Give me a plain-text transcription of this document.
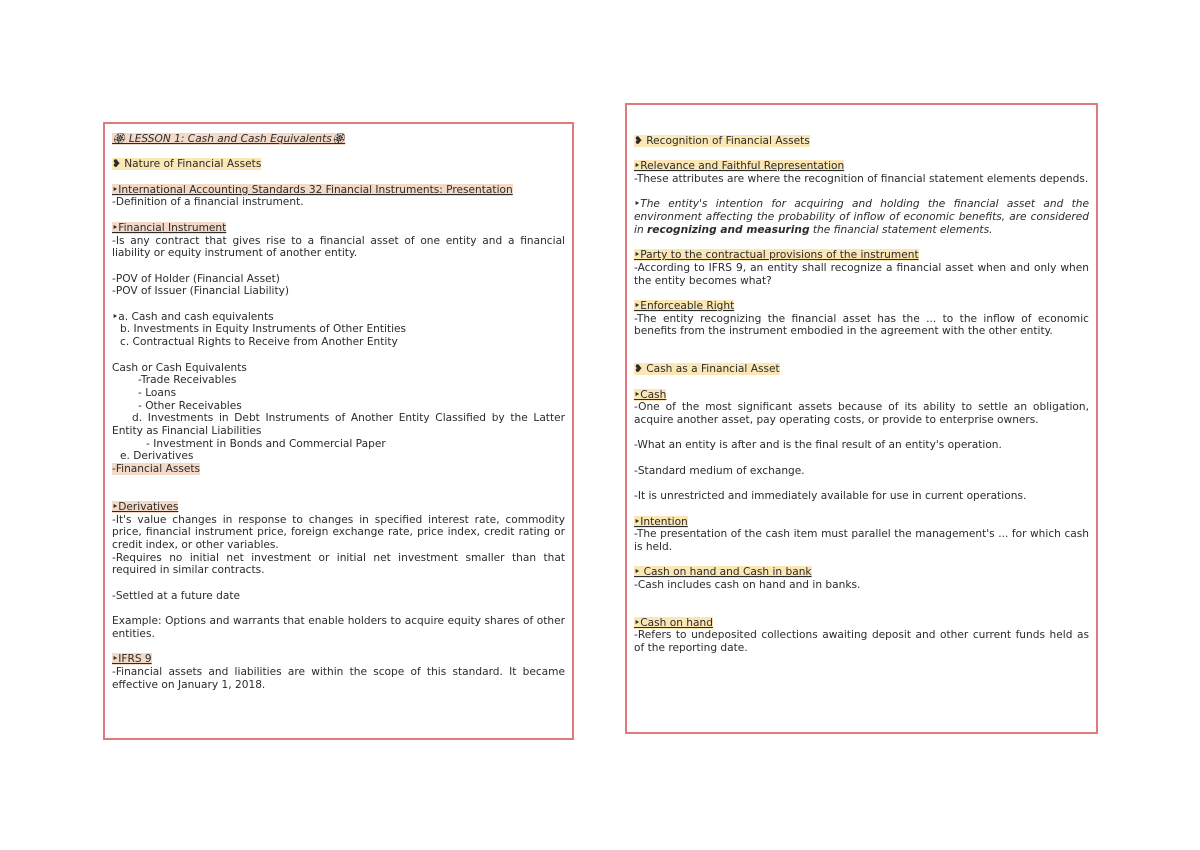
🏵 LESSON 1: Cash and Cash Equivalents🏵

❥ Nature of Financial Assets

‣International Accounting Standards 32 Financial Instruments: Presentation

-Definition of a financial instrument.

‣Financial Instrument

-Is any contract that gives rise to a financial asset of one entity and a financial liability or equity instrument of another entity.

-POV of Holder (Financial Asset)

-POV of Issuer (Financial Liability)

‣a. Cash and cash equivalents

b. Investments in Equity Instruments of Other Entities

c. Contractual Rights to Receive from Another Entity

Cash or Cash Equivalents

-Trade Receivables

- Loans

- Other Receivables

d. Investments in Debt Instruments of Another Entity Classified by the Latter Entity as Financial Liabilities

- Investment in Bonds and Commercial Paper

e. Derivatives

-Financial Assets

‣Derivatives

-It's value changes in response to changes in specified interest rate, commodity price, financial instrument price, foreign exchange rate, price index, credit rating or credit index, or other variables.

-Requires no initial net investment or initial net investment smaller than that required in similar contracts.

-Settled at a future date

Example: Options and warrants that enable holders to acquire equity shares of other entities.

‣IFRS 9

-Financial assets and liabilities are within the scope of this standard. It became effective on January 1, 2018.

❥ Recognition of Financial Assets

‣Relevance and Faithful Representation

-These attributes are where the recognition of financial statement elements depends.

‣The entity's intention for acquiring and holding the financial asset and the environment affecting the probability of inflow of economic benefits, are considered in recognizing and measuring the financial statement elements.

‣Party to the contractual provisions of the instrument

-According to IFRS 9, an entity shall recognize a financial asset when and only when the entity becomes what?

‣Enforceable Right

-The entity recognizing the financial asset has the ... to the inflow of economic benefits from the instrument embodied in the agreement with the other entity.

❥ Cash as a Financial Asset

‣Cash

-One of the most significant assets because of its ability to settle an obligation, acquire another asset, pay operating costs, or provide to enterprise owners.

-What an entity is after and is the final result of an entity's operation.

-Standard medium of exchange.

-It is unrestricted and immediately available for use in current operations.

‣Intention

-The presentation of the cash item must parallel the management's ... for which cash is held.

‣ Cash on hand and Cash in bank

-Cash includes cash on hand and in banks.

‣Cash on hand

-Refers to undeposited collections awaiting deposit and other current funds held as of the reporting date.
